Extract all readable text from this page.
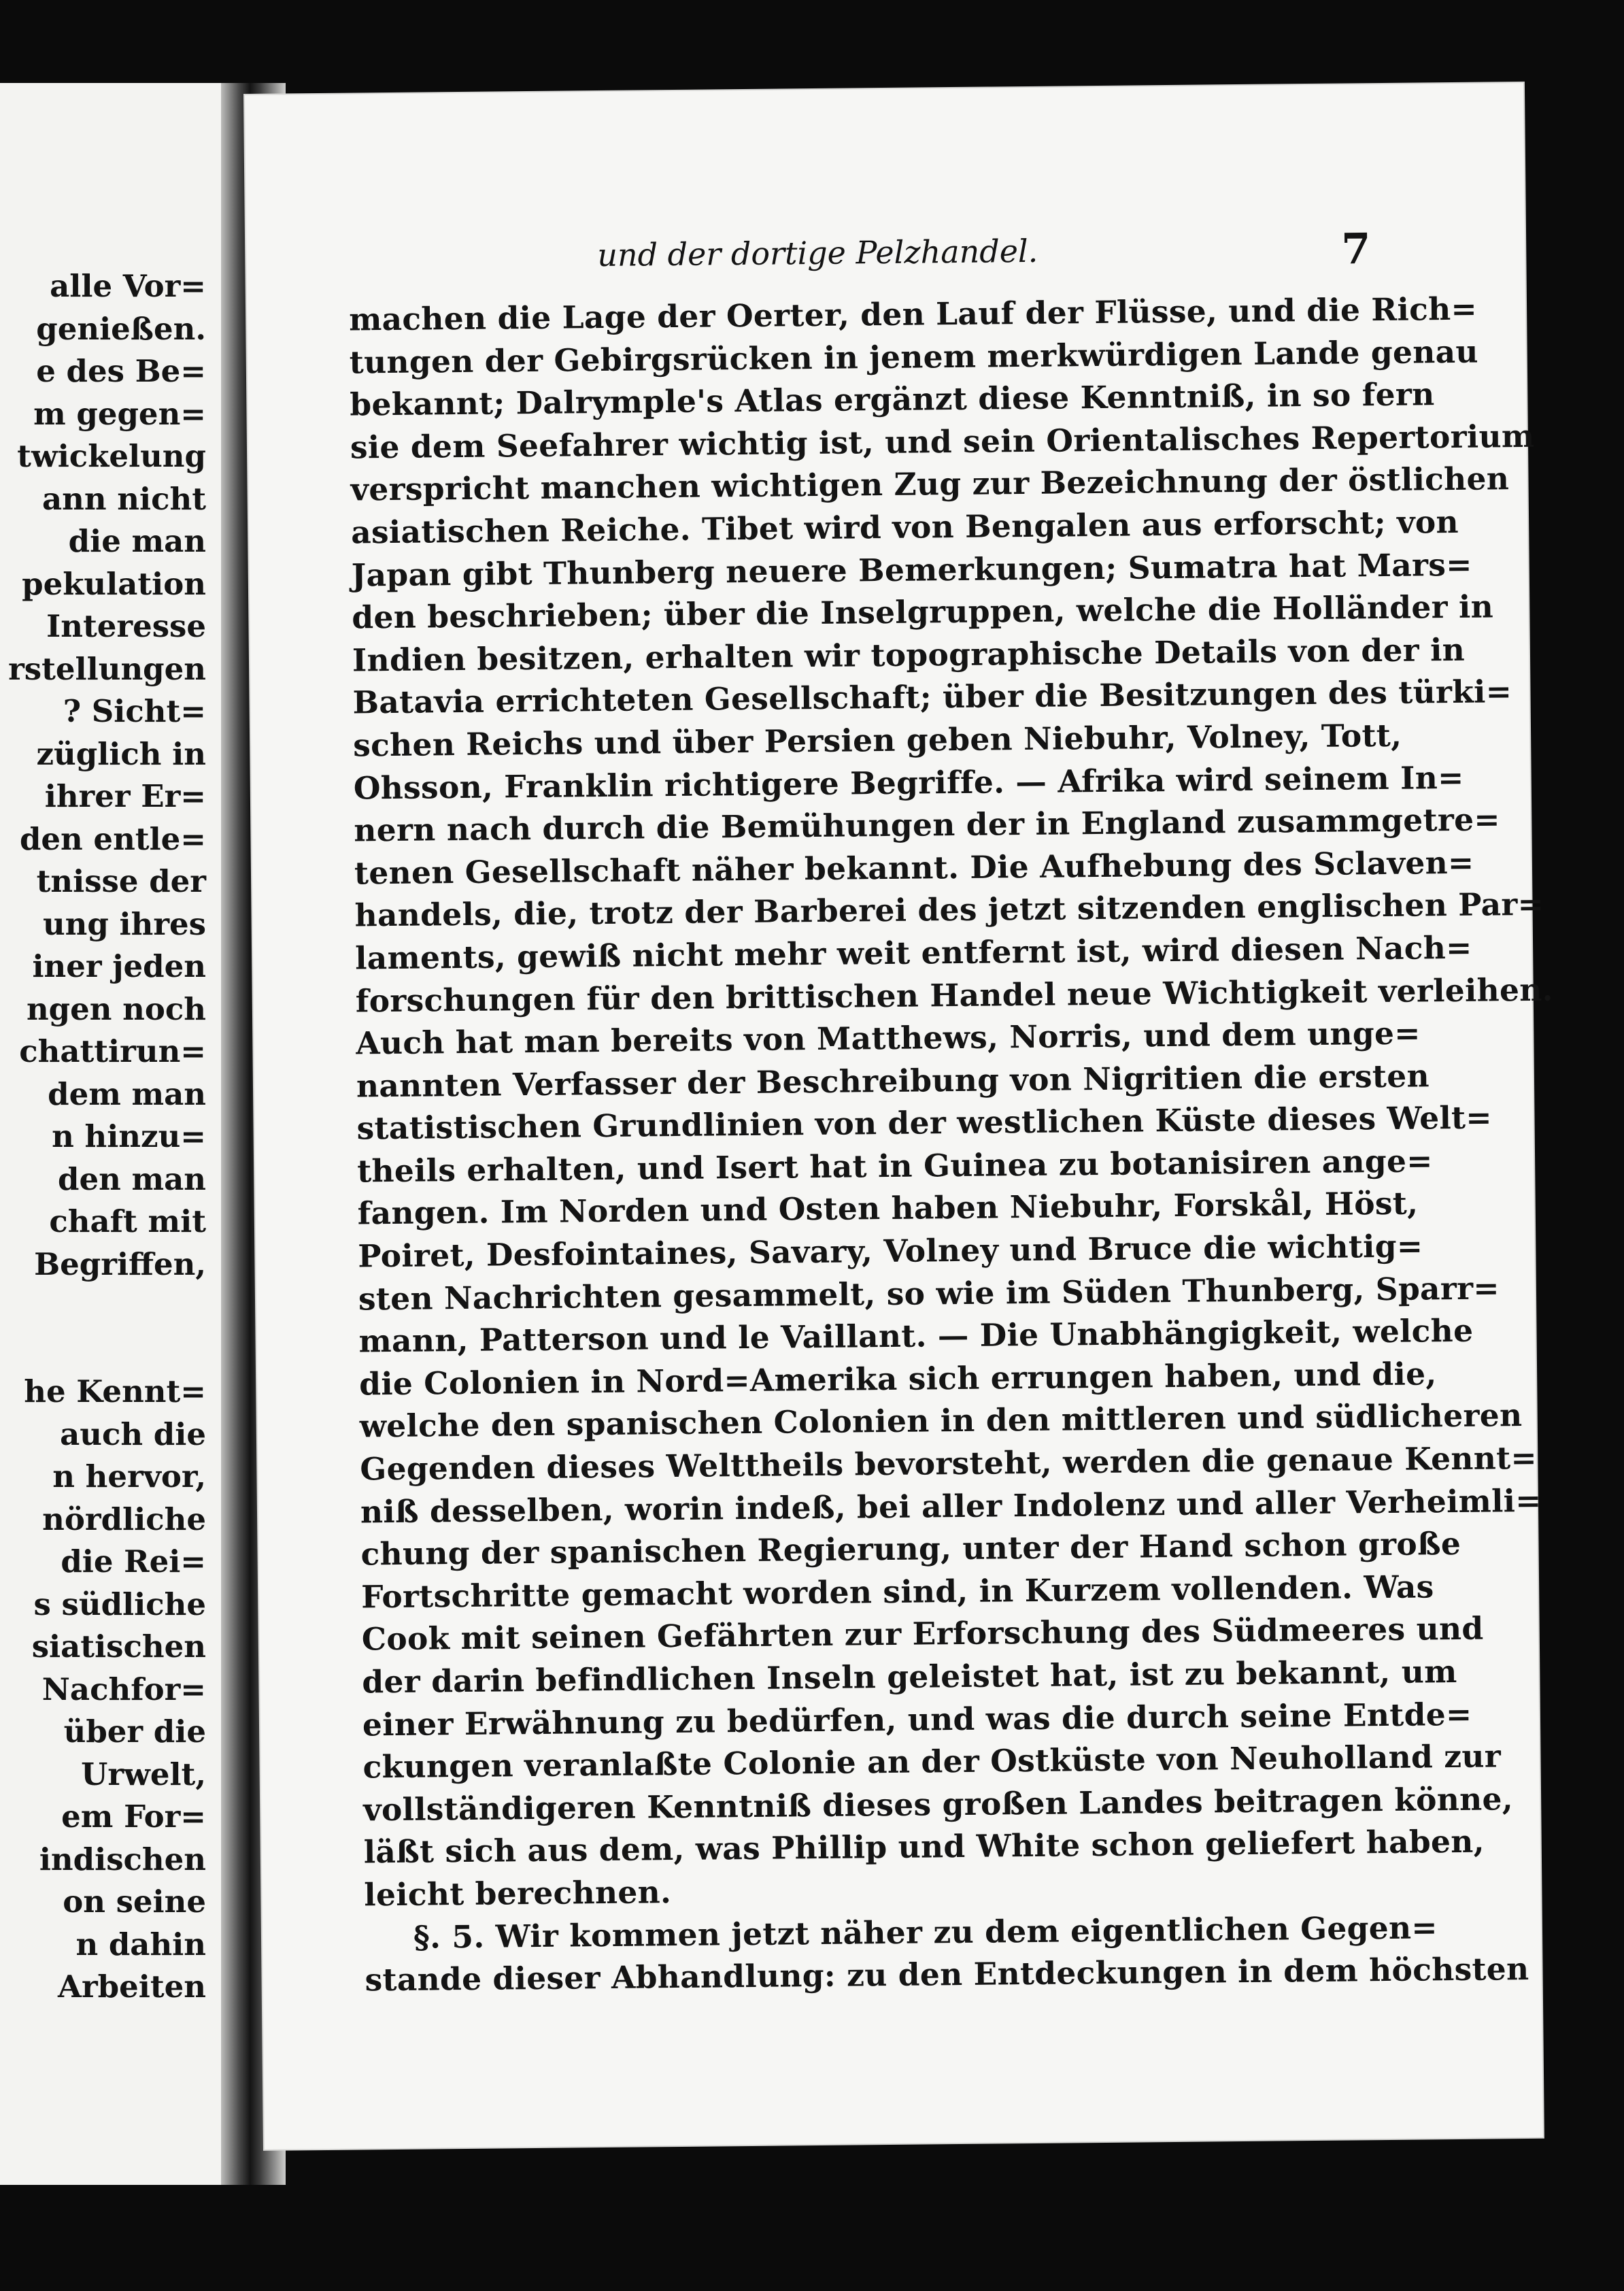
alle Vor=
genießen.
e des Be=
m gegen=
twickelung
ann nicht
die man
pekulation
Interesse
rstellungen
? Sicht=
züglich in
ihrer Er=
den entle=
tnisse der
ung ihres
iner jeden
ngen noch
chattirun=
dem man
n hinzu=
den man
chaft mit
Begriffen,
he Kennt=
auch die
n hervor,
nördliche
die Rei=
s südliche
siatischen
Nachfor=
über die
Urwelt,
em For=
indischen
on seine
n dahin
Arbeiten
und der dortige Pelzhandel.	7
machen die Lage der Oerter, den Lauf der Flüsse, und die Rich=
tungen der Gebirgsrücken in jenem merkwürdigen Lande genau
bekannt; Dalrymple's Atlas ergänzt diese Kenntniß, in so fern
sie dem Seefahrer wichtig ist, und sein Orientalisches Repertorium
verspricht manchen wichtigen Zug zur Bezeichnung der östlichen
asiatischen Reiche. Tibet wird von Bengalen aus erforscht; von
Japan gibt Thunberg neuere Bemerkungen; Sumatra hat Mars=
den beschrieben; über die Inselgruppen, welche die Holländer in
Indien besitzen, erhalten wir topographische Details von der in
Batavia errichteten Gesellschaft; über die Besitzungen des türki=
schen Reichs und über Persien geben Niebuhr, Volney, Tott,
Ohsson, Franklin richtigere Begriffe. — Afrika wird seinem In=
nern nach durch die Bemühungen der in England zusammgetre=
tenen Gesellschaft näher bekannt. Die Aufhebung des Sclaven=
handels, die, trotz der Barberei des jetzt sitzenden englischen Par=
laments, gewiß nicht mehr weit entfernt ist, wird diesen Nach=
forschungen für den brittischen Handel neue Wichtigkeit verleihen.
Auch hat man bereits von Matthews, Norris, und dem unge=
nannten Verfasser der Beschreibung von Nigritien die ersten
statistischen Grundlinien von der westlichen Küste dieses Welt=
theils erhalten, und Isert hat in Guinea zu botanisiren ange=
fangen. Im Norden und Osten haben Niebuhr, Forskål, Höst,
Poiret, Desfointaines, Savary, Volney und Bruce die wichtig=
sten Nachrichten gesammelt, so wie im Süden Thunberg, Sparr=
mann, Patterson und le Vaillant. — Die Unabhängigkeit, welche
die Colonien in Nord=Amerika sich errungen haben, und die,
welche den spanischen Colonien in den mittleren und südlicheren
Gegenden dieses Welttheils bevorsteht, werden die genaue Kennt=
niß desselben, worin indeß, bei aller Indolenz und aller Verheimli=
chung der spanischen Regierung, unter der Hand schon große
Fortschritte gemacht worden sind, in Kurzem vollenden. Was
Cook mit seinen Gefährten zur Erforschung des Südmeeres und
der darin befindlichen Inseln geleistet hat, ist zu bekannt, um
einer Erwähnung zu bedürfen, und was die durch seine Entde=
ckungen veranlaßte Colonie an der Ostküste von Neuholland zur
vollständigeren Kenntniß dieses großen Landes beitragen könne,
läßt sich aus dem, was Phillip und White schon geliefert haben,
leicht berechnen.
§. 5. Wir kommen jetzt näher zu dem eigentlichen Gegen=
stande dieser Abhandlung: zu den Entdeckungen in dem höchsten
